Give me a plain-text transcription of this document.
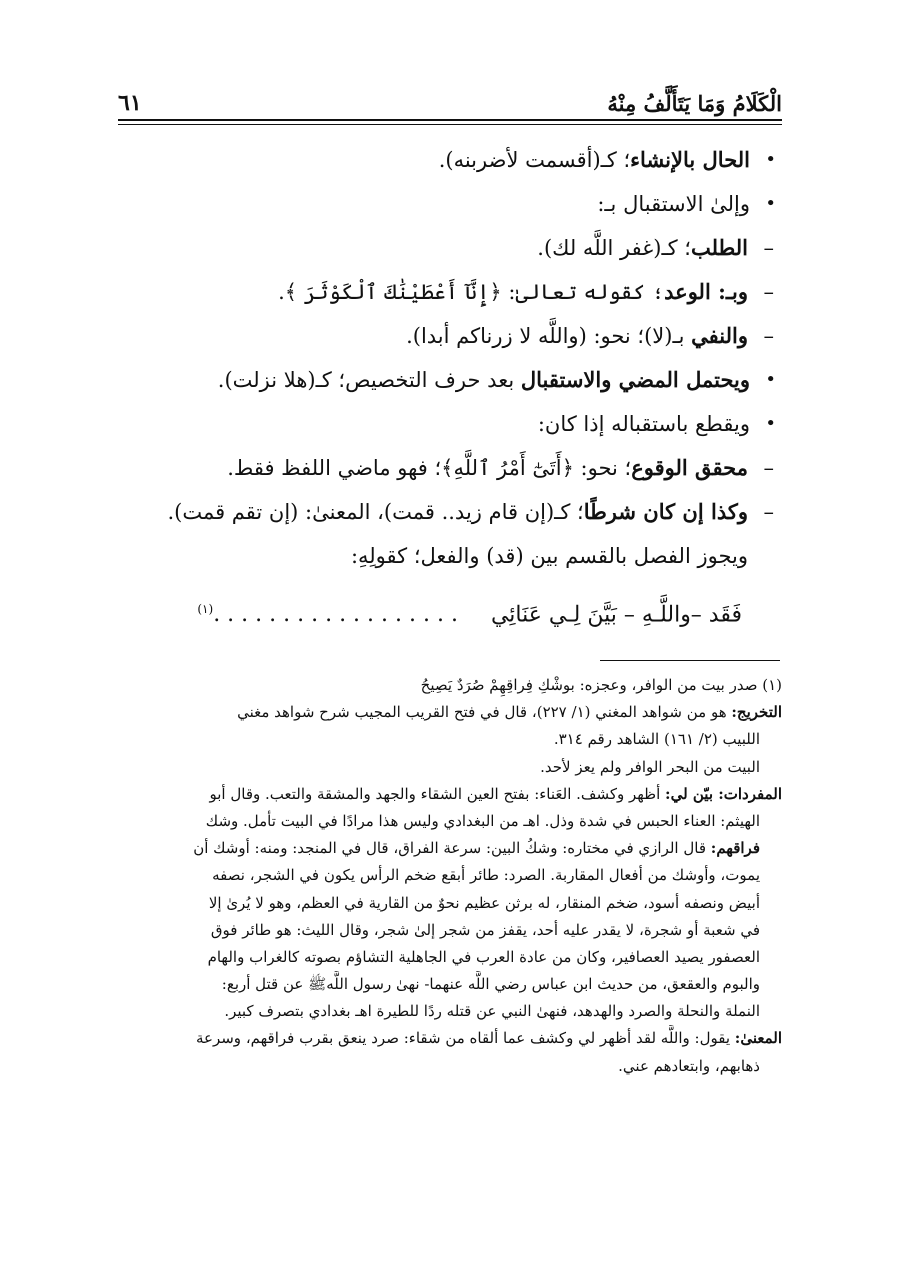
الْكَلَامُ وَمَا يَتَأَلَّفُ مِنْهُ
٦١
• الحال بالإنشاء؛ كـ(أقسمت لأضربنه).
• وإلىٰ الاستقبال بـ:
– الطلب؛ كـ(غفر اللَّه لك).
– وبـ: الوعد؛ كقوله تعالىٰ: ﴿إِنَّآ أَعْطَيْنَٰكَ ٱلْكَوْثَرَ ﴾.
– والنفي بـ(لا)؛ نحو: (واللَّه لا زرناكم أبدا).
• ويحتمل المضي والاستقبال بعد حرف التخصيص؛ كـ(هلا نزلت).
• ويقطع باستقباله إذا كان:
– محقق الوقوع؛ نحو: ﴿أَتَىٰٓ أَمْرُ ٱللَّهِ﴾؛ فهو ماضي اللفظ فقط.
– وكذا إن كان شرطًا؛ كـ(إن قام زيد.. قمت)، المعنىٰ: (إن تقم قمت).
ويجوز الفصل بالقسم بين (قد) والفعل؛ كقولِهِ:
فَقَد –واللَّـهِ – بَيَّنَ لِـي عَنَائِي . . . . . . . . . . . . . . . . . .$^{(١)}$
(١) صدر بيت من الوافر، وعجزه: بوشْكِ فِراقِهِمْ صُرَدٌ يَصِيحُ
التخريج: هو من شواهد المغني (١/ ٢٢٧)، قال في فتح القريب المجيب شرح شواهد مغني
اللبيب (٢/ ١٦١) الشاهد رقم ٣١٤.
البيت من البحر الوافر ولم يعز لأحد.
المفردات: بيّن لي: أظهر وكشف. العَناء: بفتح العين الشقاء والجهد والمشقة والتعب. وقال أبو
الهيثم: العناء الحبس في شدة وذل. اهـ من البغدادي وليس هذا مرادًا في البيت تأمل. وشك
فراقهم: قال الرازي في مختاره: وشكُ البين: سرعة الفراق، قال في المنجد: ومنه: أوشك أن
يموت، وأوشك من أفعال المقاربة. الصرد: طائر أبقع ضخم الرأس يكون في الشجر، نصفه
أبيض ونصفه أسود، ضخم المنقار، له برثن عظيم نحوٌ من القارية في العظم، وهو لا يُرىٰ إلا
في شعبة أو شجرة، لا يقدر عليه أحد، يقفز من شجر إلىٰ شجر، وقال الليث: هو طائر فوق
العصفور يصيد العصافير، وكان من عادة العرب في الجاهلية التشاؤم بصوته كالغراب والهام
والبوم والعقعق، من حديث ابن عباس رضي اللَّه عنهما- نهىٰ رسول اللَّهﷺ عن قتل أربع:
النملة والنحلة والصرد والهدهد، فنهىٰ النبي عن قتله ردًا للطيرة اهـ بغدادي بتصرف كبير.
المعنىٰ: يقول: واللَّه لقد أظهر لي وكشف عما ألقاه من شقاء: صرد ينعق بقرب فراقهم، وسرعة
ذهابهم، وابتعادهم عني.
